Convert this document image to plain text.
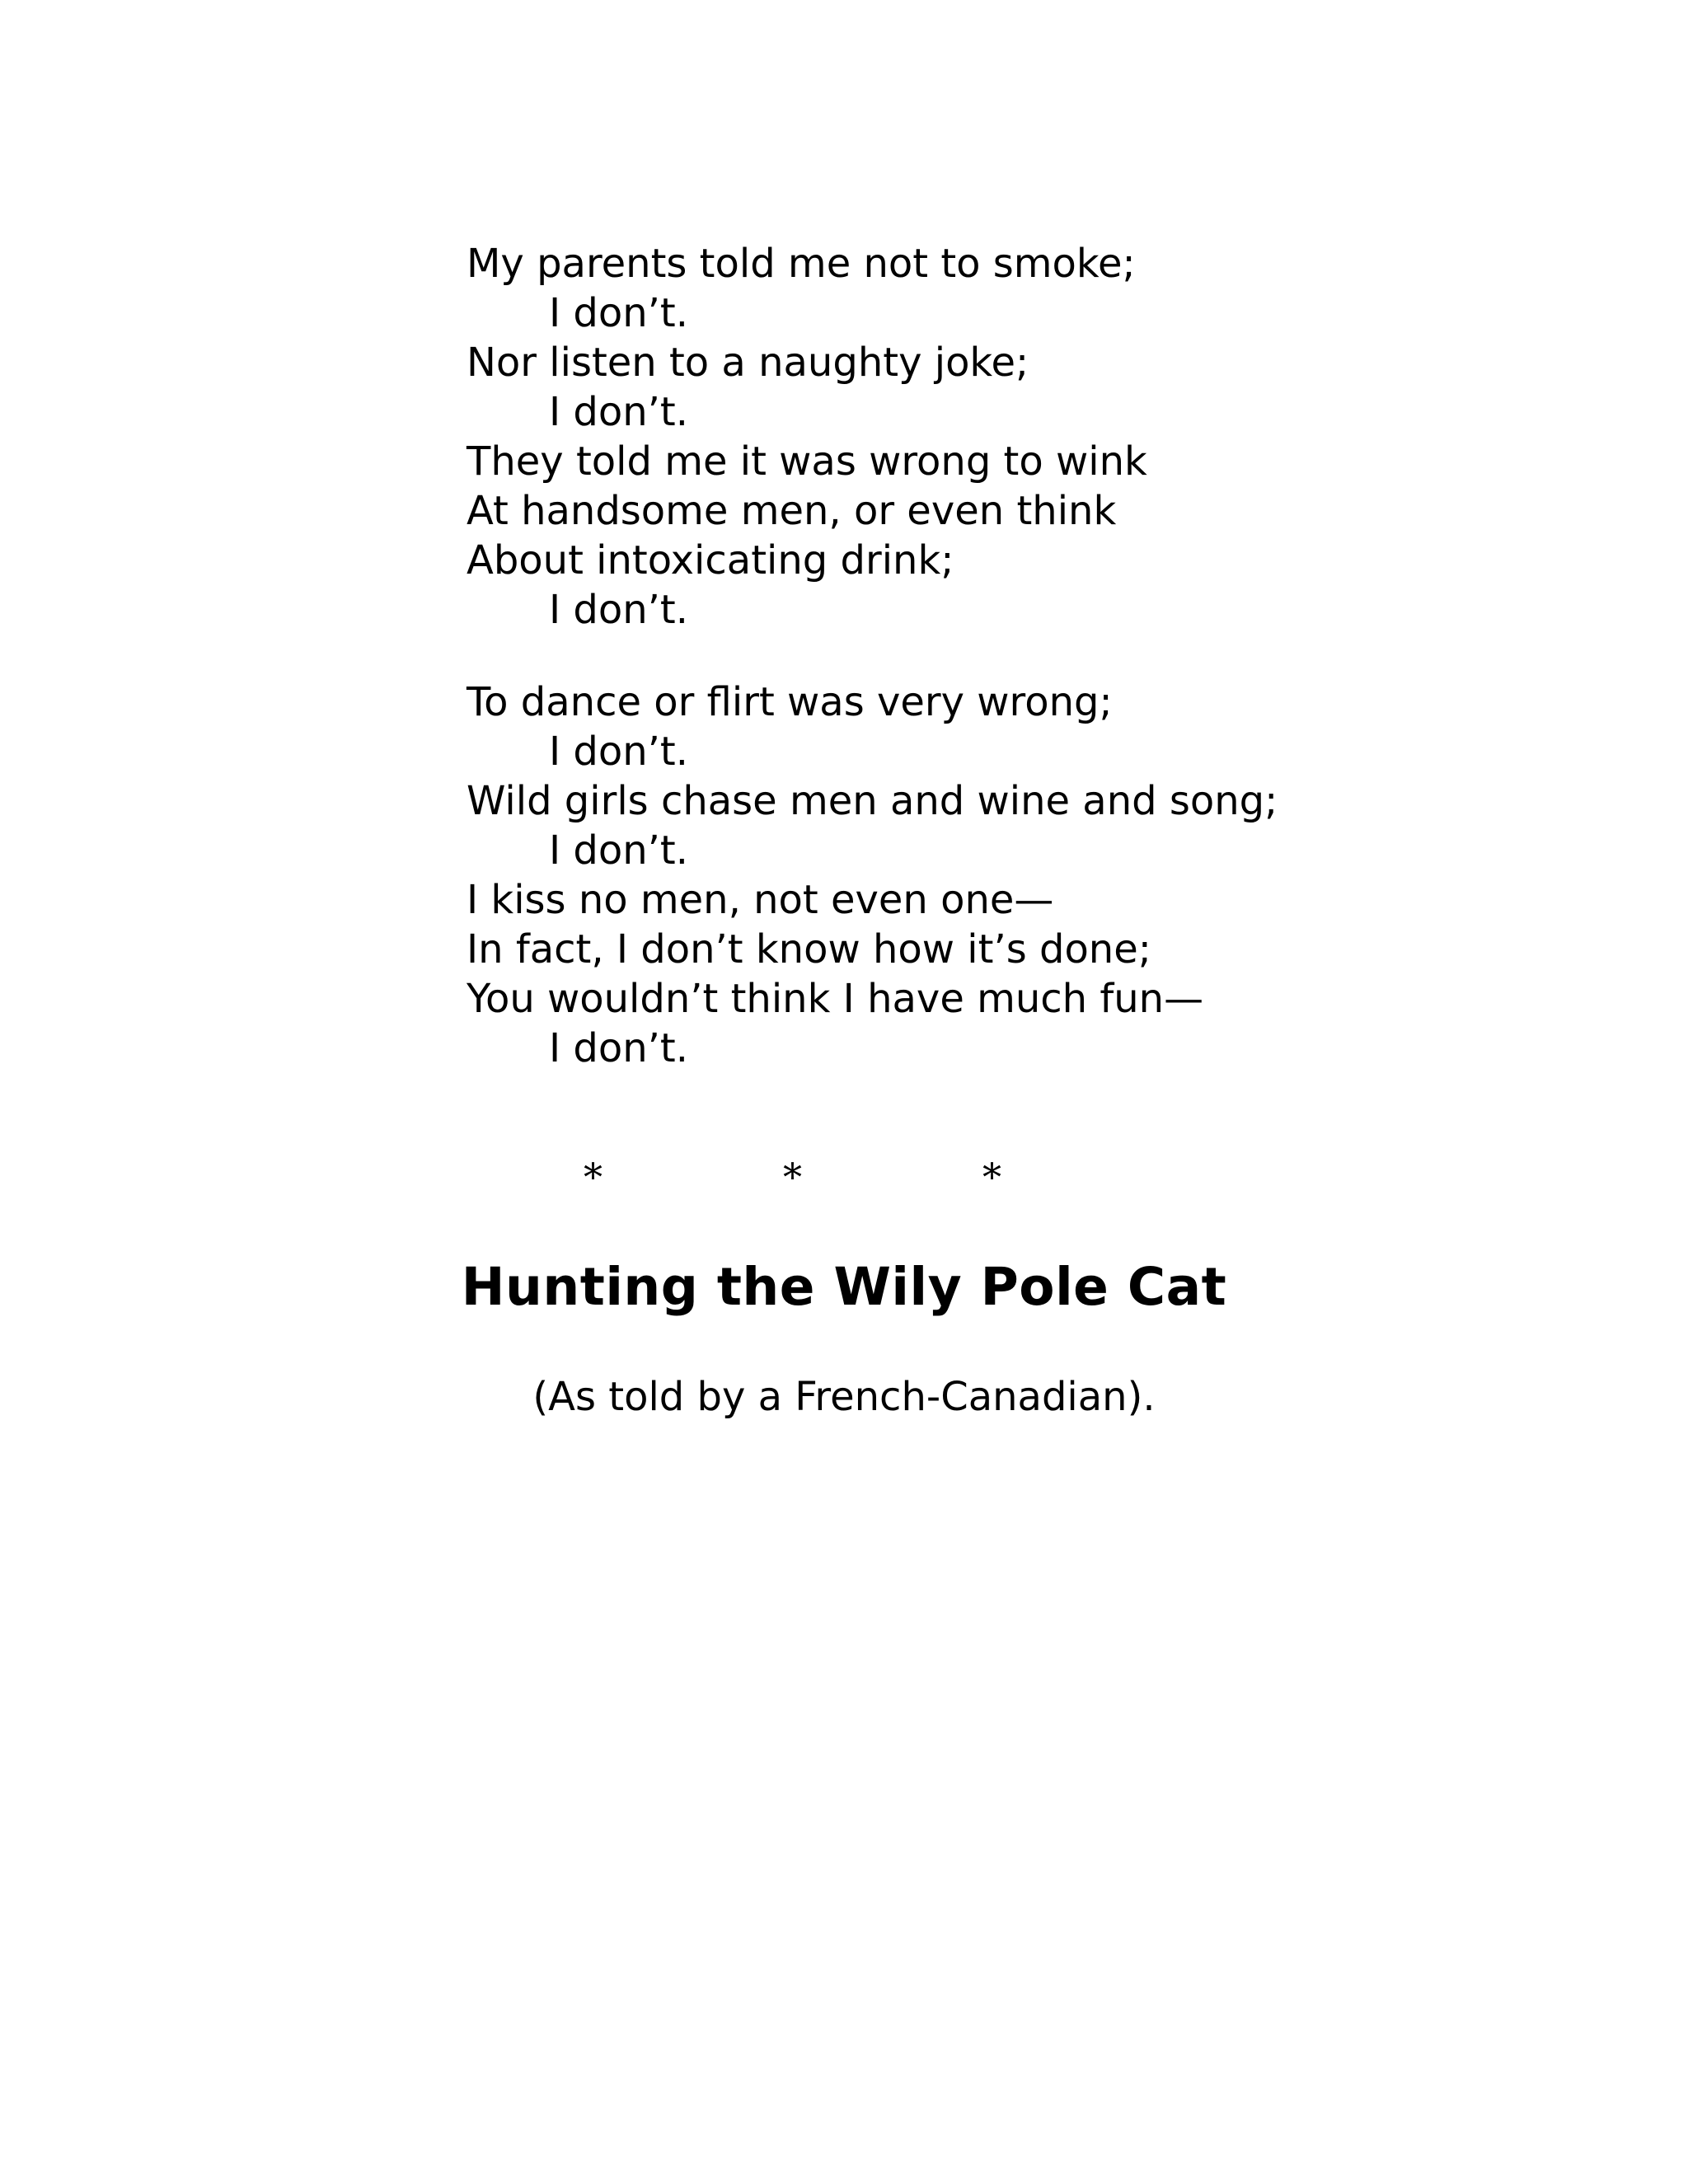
My parents told me not to smoke;
I don’t.
Nor listen to a naughty joke;
I don’t.
They told me it was wrong to wink
At handsome men, or even think
About intoxicating drink;
I don’t.
To dance or flirt was very wrong;
I don’t.
Wild girls chase men and wine and song;
I don’t.
I kiss no men, not even one—
In fact, I don’t know how it’s done;
You wouldn’t think I have much fun—
I don’t.
*	*	*
Hunting the Wily Pole Cat

(As told by a French-Canadian).
